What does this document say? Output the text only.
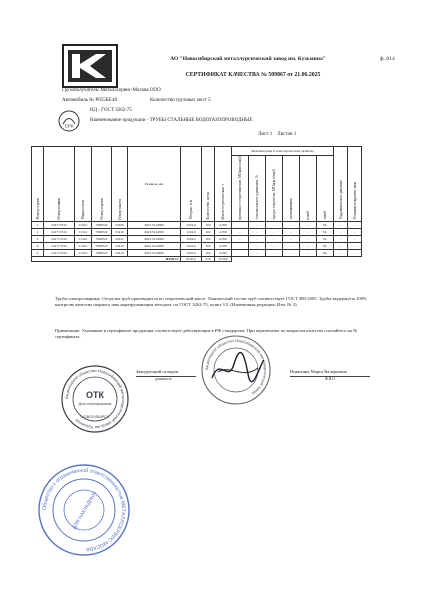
АО "Новосибирский металлургический завод им. Кузьмина"	ф. 014
СЕРТИФИКАТ КАЧЕСТВА № 509867 от 21.06.2025
Грузополучатель: Металлсервис-Москва ООО
Автомобиль № Р055КЕ48	Количество грузовых мест 5
СРК
НД - ГОСТ 3262-75
Наименование продукции - ТРУБЫ СТАЛЬНЫЕ ВОДОГАЗОПРОВОДНЫЕ
Лист 1 Листов 1
Номер строки	Номер плавки	Марка стали	Номер партии	Номер пакета	Размеры, мм	Метраж, п/м	Количество, штук	Масса теоретическая, т	Механические и технологические свойства						Гидравлическое давление	Толщина покрытия, мкм
									временное сопротивление, МПа(кгс/мм2)	относительное удлинение, %	предел текучести, МПа(кгс/мм2)	сплющивание	изгиб	загиб		
1	241713724	Ст2пс	7990522	25406	40х3.5х12000	1224,0	102	4,700	-	-	-	-	-	Уд.	-	-
2	241713724	Ст2пс	7990522	25410	40х3.5х12000	1224,0	102	4,700	-	-	-	-	-	Уд.	-	-
3	241713724	Ст2пс	7990522	25411	40х3.5х12000	1224,0	102	4,700	-	-	-	-	-	Уд.	-	-
4	241713724	Ст2пс	7990522	25412	40х3.5х12000	1224,0	102	4,700	-	-	-	-	-	Уд.	-	-
5	241713724	Ст2пс	7990522	25413	40х3.5х12000	1224,0	102	4,700	-	-	-	-	-	Уд.	-	-
ИТОГО:						6120,0	510	23,500								
Трубы электросварные. Отгрузка труб производится по теоретической массе. Химический состав труб соответствует ГОСТ 380-2005. Трубы выдержуты 100% контролю качества сварного шва неразрушающим методом, по ГОСТ 3262-75, пункт 3.5, (Измененная редакция, Изм. № 3).
Примечание: Указанные в сертификате продукция соответствует действующим в РФ стандартам. При перепечатке по вопросам качества ссылайтесь на № сертификата.
Акционерное общество Новосибирский металлургический завод им. Кузьмина
ОТК
Для сертификатов
НОВОСИБИРСК
Заводующий складом
должность
Никитина Марта Валерьевна
Ф.И.О.
Акционерное общество Новосибирский металлургический завод
Общество с ограниченной ответственностью МЕТАЛЛСЕРВИС-МОСКВА
ДЛЯ НАКЛАДНЫХ
